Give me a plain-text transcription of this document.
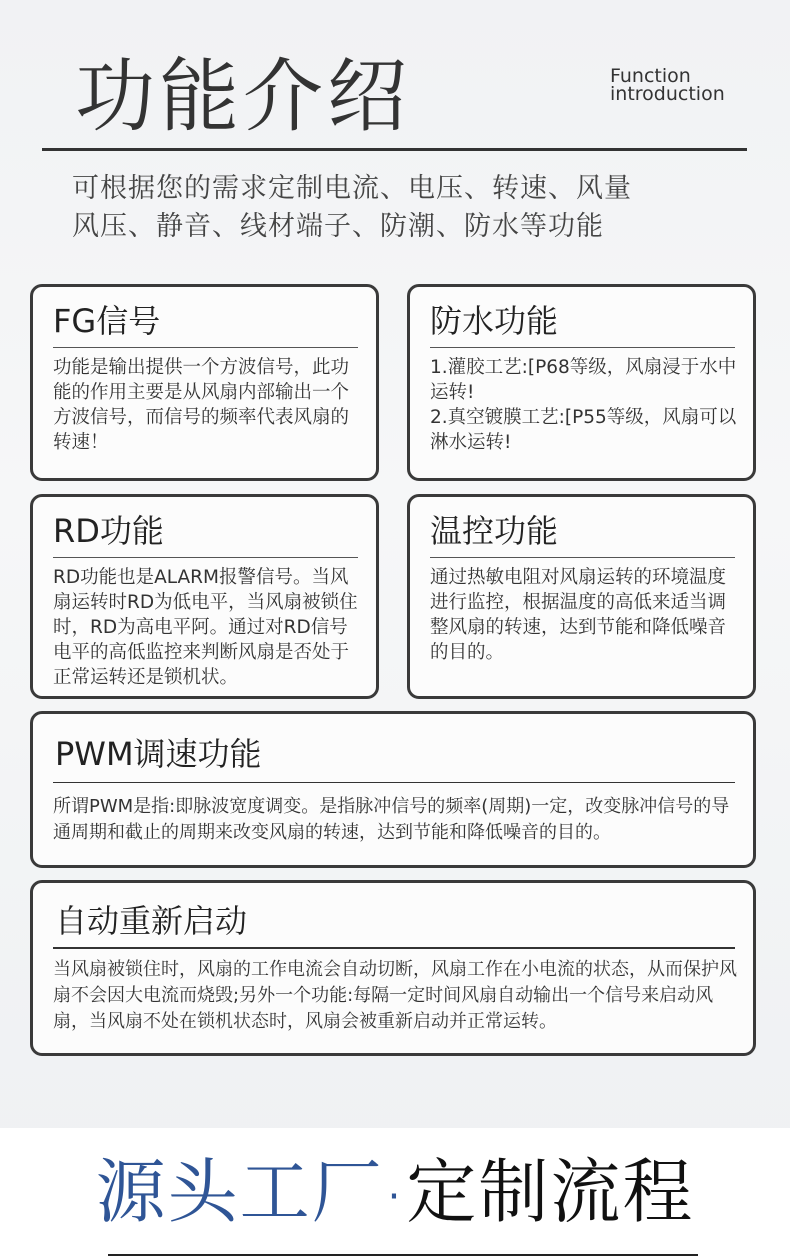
功能介绍	Function
introduction
可根据您的需求定制电流、电压、转速、风量
风压、静音、线材端子、防潮、防水等功能
FG信号
功能是输出提供一个方波信号，此功能的作用主要是从风扇内部输出一个方波信号，而信号的频率代表风扇的转速！
防水功能
1.灌胶工艺:[P68等级，风扇浸于水中运转!
2.真空镀膜工艺:[P55等级，风扇可以淋水运转!
RD功能
RD功能也是ALARM报警信号。当风扇运转时RD为低电平，当风扇被锁住时，RD为高电平阿。通过对RD信号电平的高低监控来判断风扇是否处于正常运转还是锁机状。
温控功能
通过热敏电阻对风扇运转的环境温度进行监控，根据温度的高低来适当调整风扇的转速，达到节能和降低噪音的目的。
PWM调速功能
所谓PWM是指:即脉波宽度调变。是指脉冲信号的频率(周期)一定，改变脉冲信号的导通周期和截止的周期来改变风扇的转速，达到节能和降低噪音的目的。
自动重新启动
当风扇被锁住时，风扇的工作电流会自动切断，风扇工作在小电流的状态，从而保护风扇不会因大电流而烧毁;另外一个功能:每隔一定时间风扇自动输出一个信号来启动风扇，当风扇不处在锁机状态时，风扇会被重新启动并正常运转。
源头工厂 ·定制流程
